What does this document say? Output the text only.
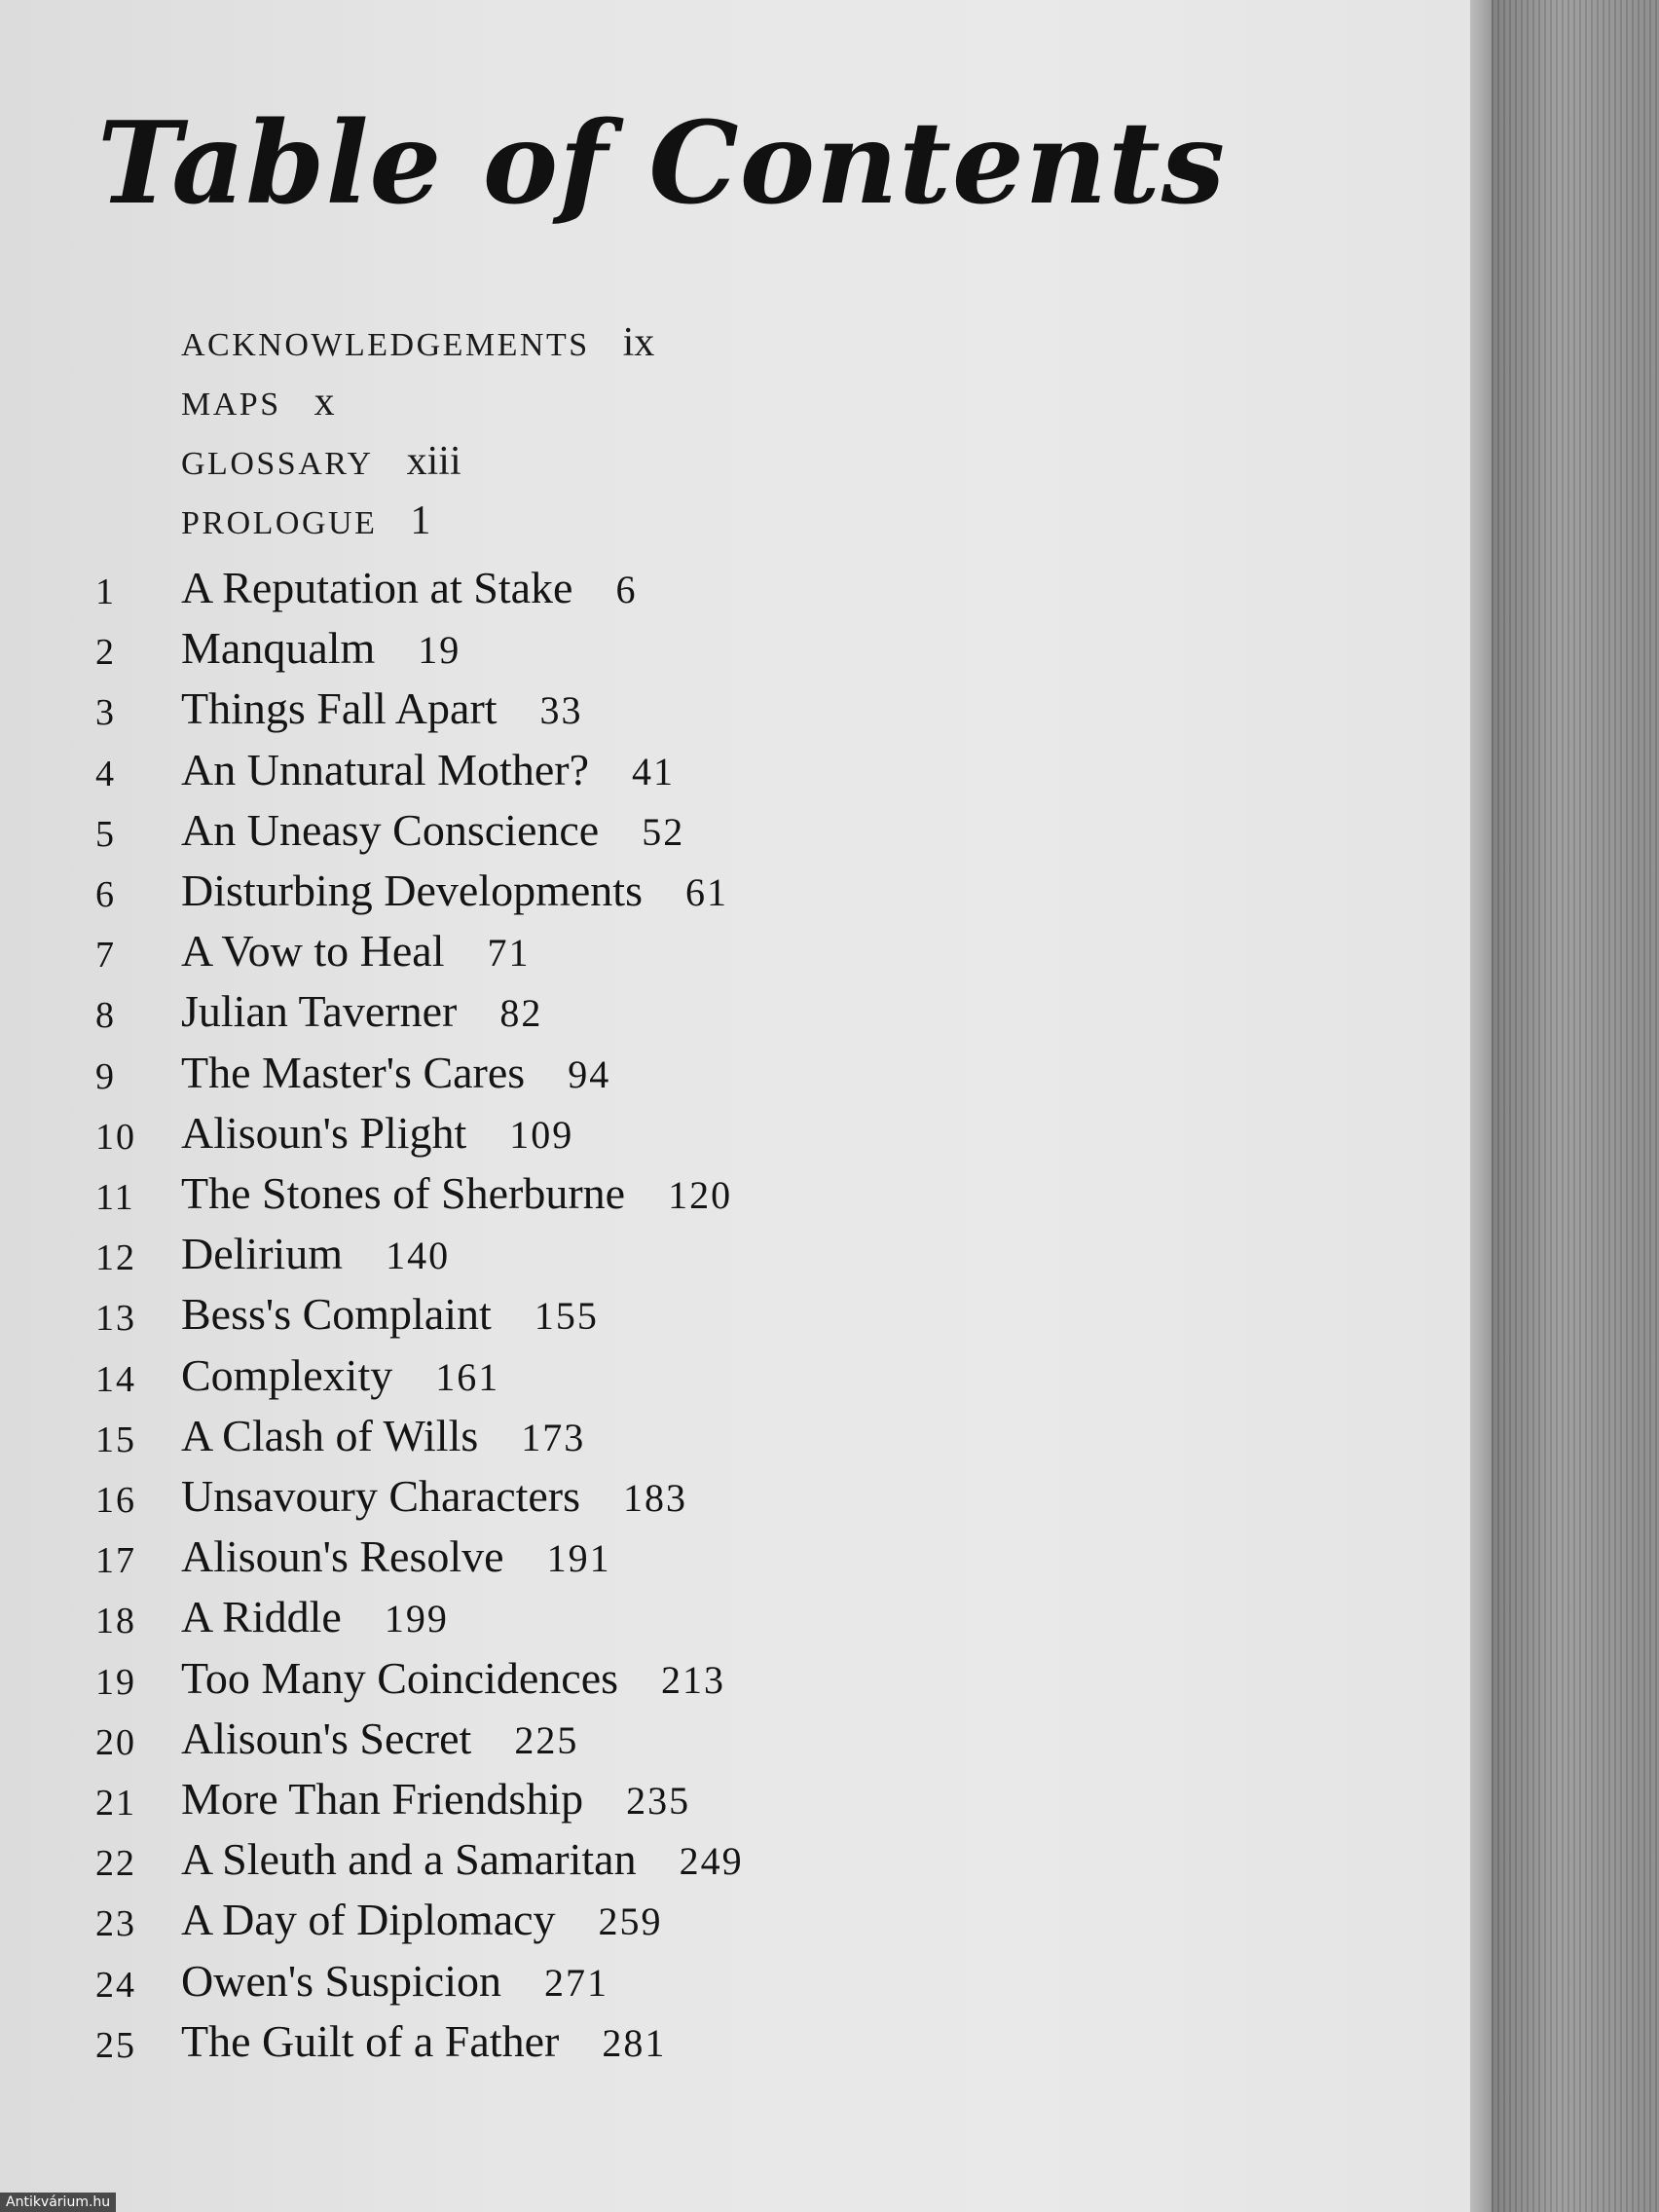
Table of Contents
ACKNOWLEDGEMENTS ix
MAPS x
GLOSSARY xiii
PROLOGUE 1
1	A Reputation at Stake 6
2	Manqualm 19
3	Things Fall Apart 33
4	An Unnatural Mother? 41
5	An Uneasy Conscience 52
6	Disturbing Developments 61
7	A Vow to Heal 71
8	Julian Taverner 82
9	The Master's Cares 94
10	Alisoun's Plight 109
11	The Stones of Sherburne 120
12	Delirium 140
13	Bess's Complaint 155
14	Complexity 161
15	A Clash of Wills 173
16	Unsavoury Characters 183
17	Alisoun's Resolve 191
18	A Riddle 199
19	Too Many Coincidences 213
20	Alisoun's Secret 225
21	More Than Friendship 235
22	A Sleuth and a Samaritan 249
23	A Day of Diplomacy 259
24	Owen's Suspicion 271
25	The Guilt of a Father 281
Antikvárium.hu
